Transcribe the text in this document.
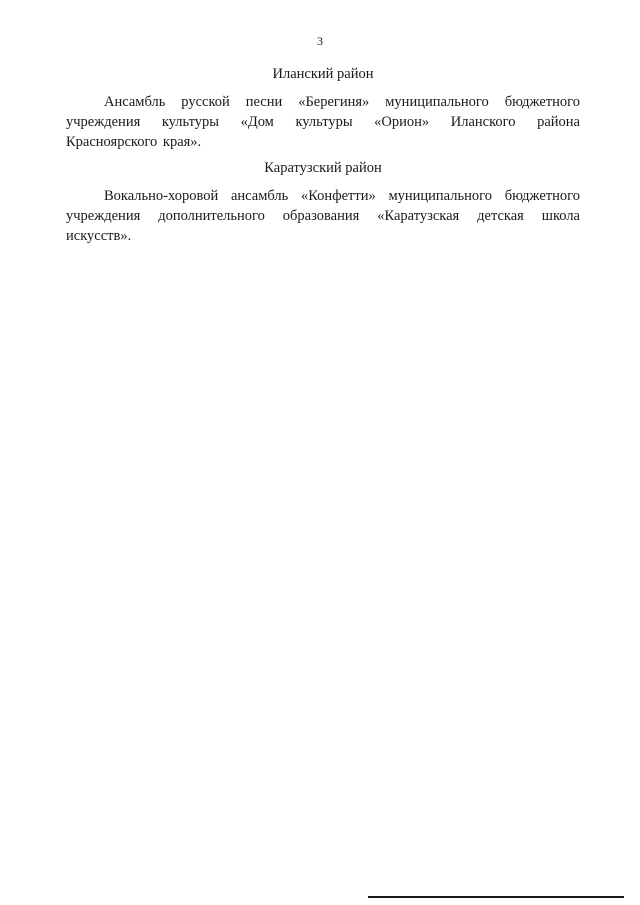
3
Иланский район

Ансамбль русской песни «Берегиня» муниципального бюджетного учреждения культуры «Дом культуры «Орион» Иланского района Красноярского края».

Каратузский район

Вокально-хоровой ансамбль «Конфетти» муниципального бюджетного учреждения дополнительного образования «Каратузская детская школа искусств».
